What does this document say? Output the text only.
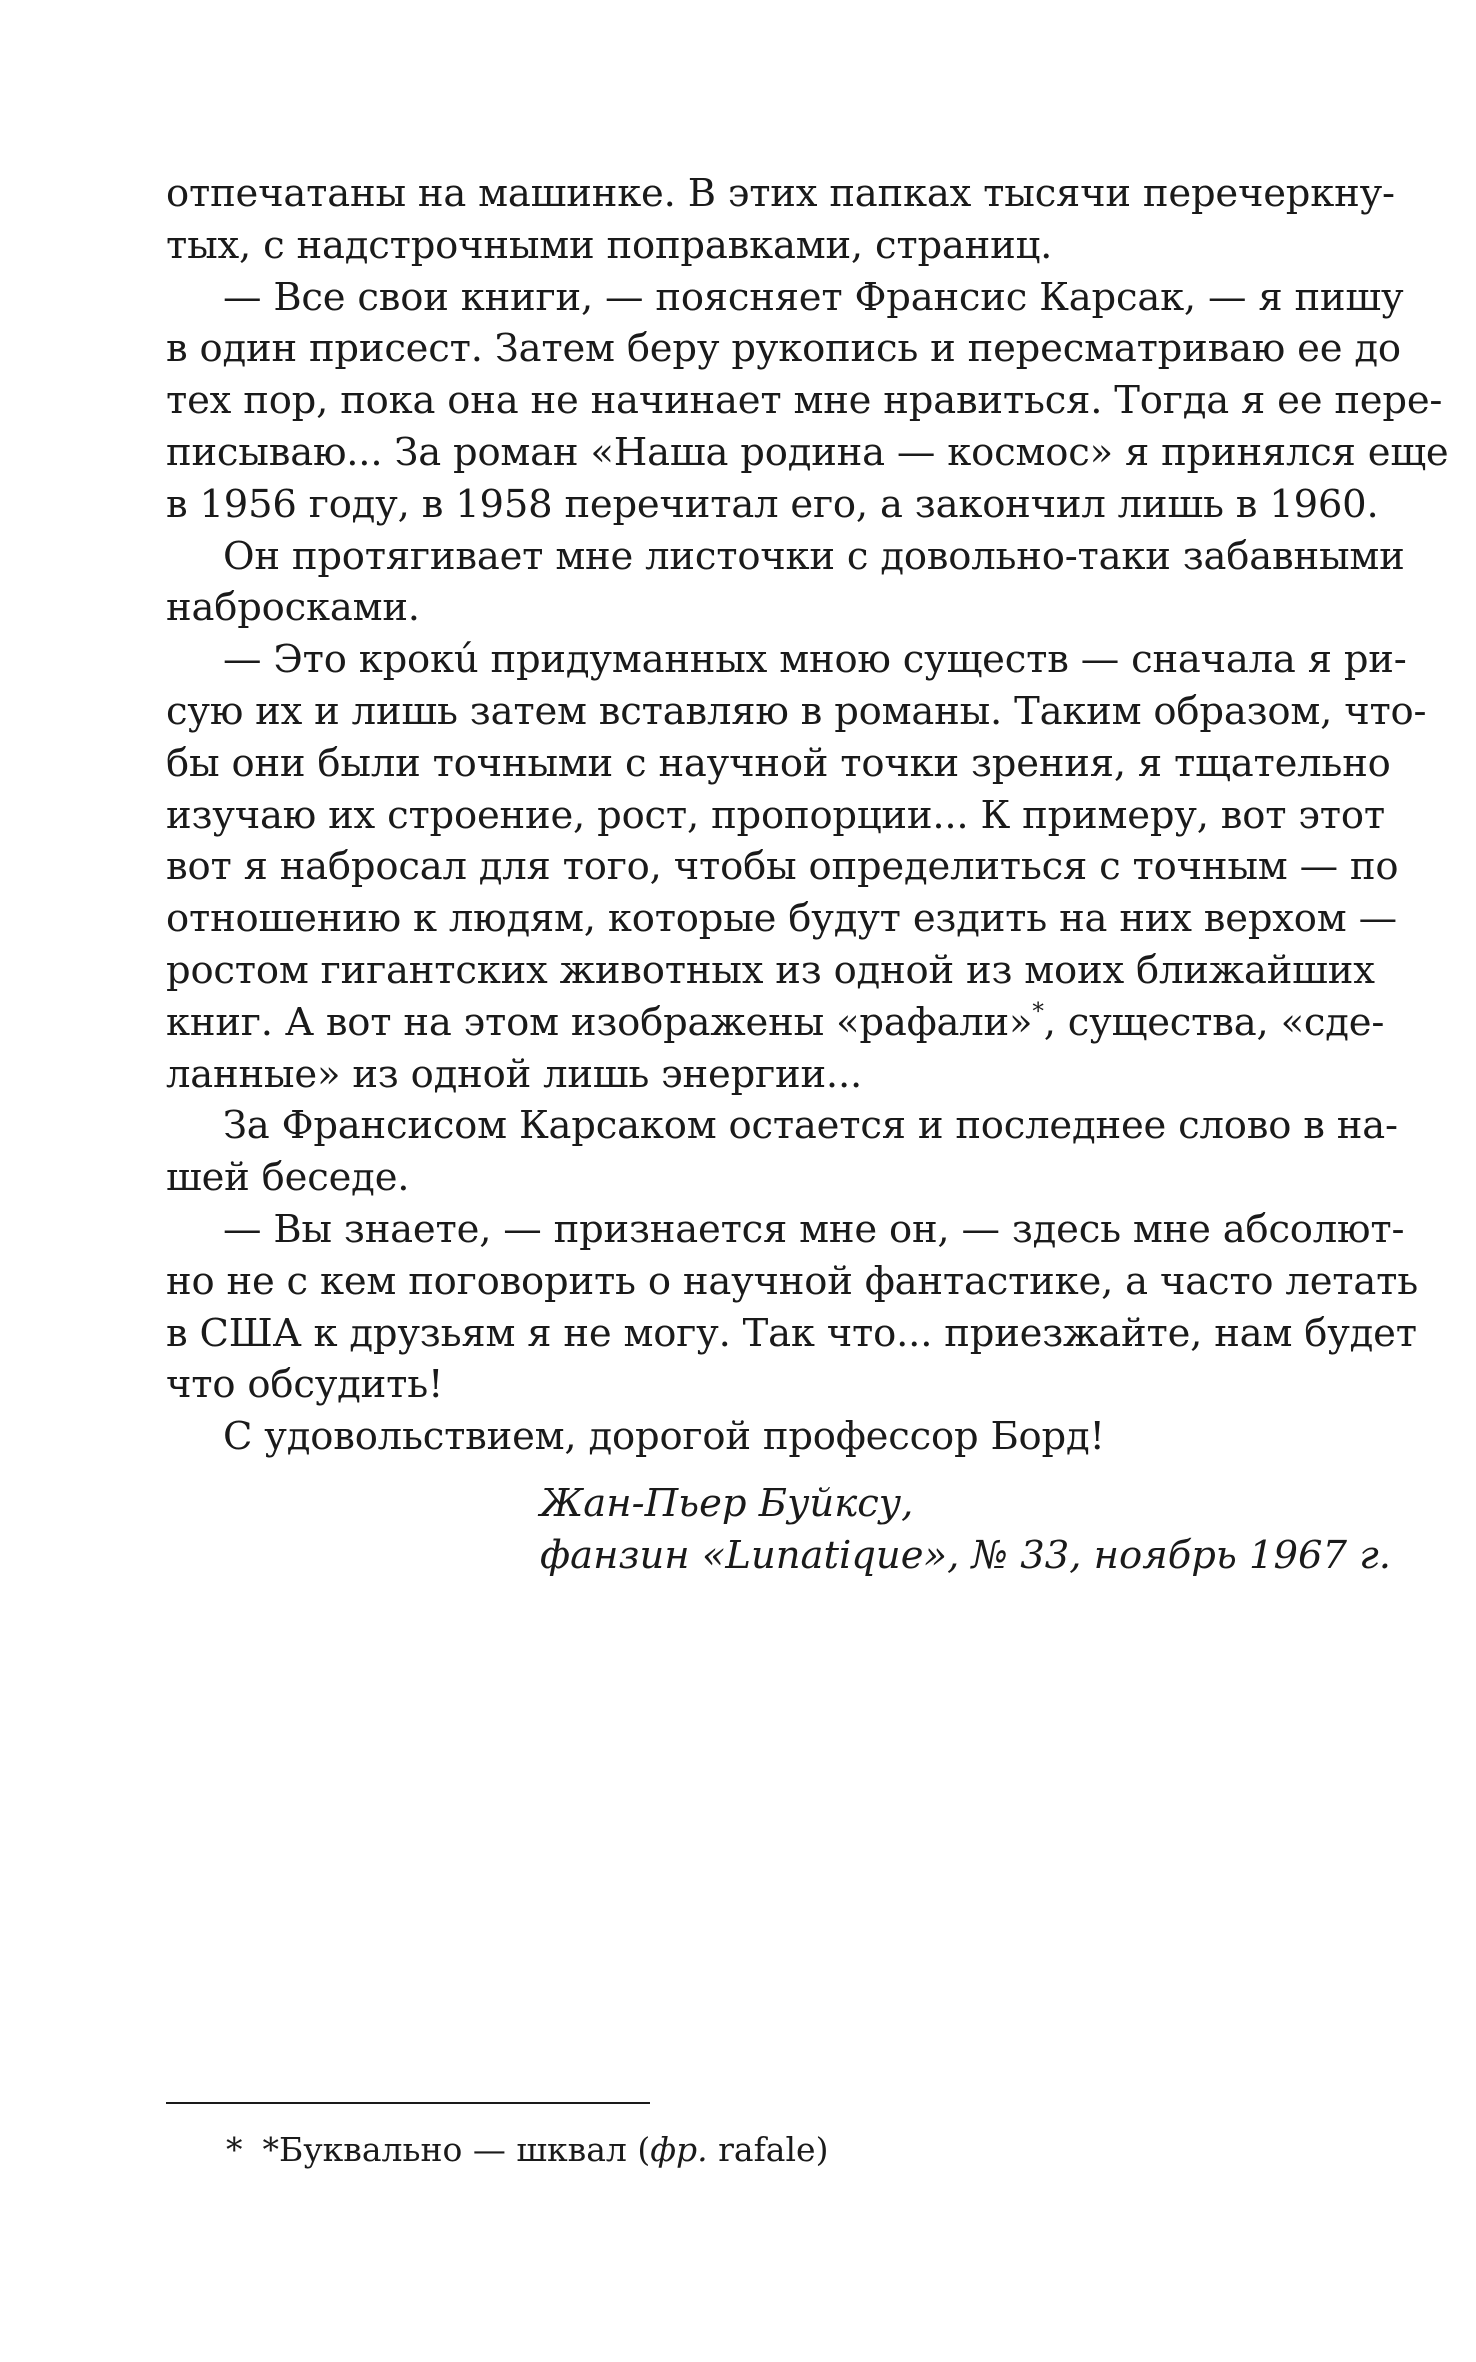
отпечатаны на машинке. В этих папках тысячи перечеркну-
тых, с надстрочными поправками, страниц.
— Все свои книги, — поясняет Франсис Карсак, — я пишу
в один присест. Затем беру рукопись и пересматриваю ее до
тех пор, пока она не начинает мне нравиться. Тогда я ее пере-
писываю... За роман «Наша родина — космос» я принялся еще
в 1956 году, в 1958 перечитал его, а закончил лишь в 1960.
Он протягивает мне листочки с довольно-таки забавными
набросками.
— Это крокú придуманных мною существ — сначала я ри-
сую их и лишь затем вставляю в романы. Таким образом, что-
бы они были точными с научной точки зрения, я тщательно
изучаю их строение, рост, пропорции... К примеру, вот этот
вот я набросал для того, чтобы определиться с точным — по
отношению к людям, которые будут ездить на них верхом —
ростом гигантских животных из одной из моих ближайших
книг. А вот на этом изображены «рафали»*, существа, «сде-
ланные» из одной лишь энергии...
За Франсисом Карсаком остается и последнее слово в на-
шей беседе.
— Вы знаете, — признается мне он, — здесь мне абсолют-
но не с кем поговорить о научной фантастике, а часто летать
в США к друзьям я не могу. Так что... приезжайте, нам будет
что обсудить!
С удовольствием, дорогой профессор Борд!
Жан-Пьер Буйксу,
фанзин «Lunatique», № 33, ноябрь 1967 г.
* *Буквально — шквал (фр. rafale)
